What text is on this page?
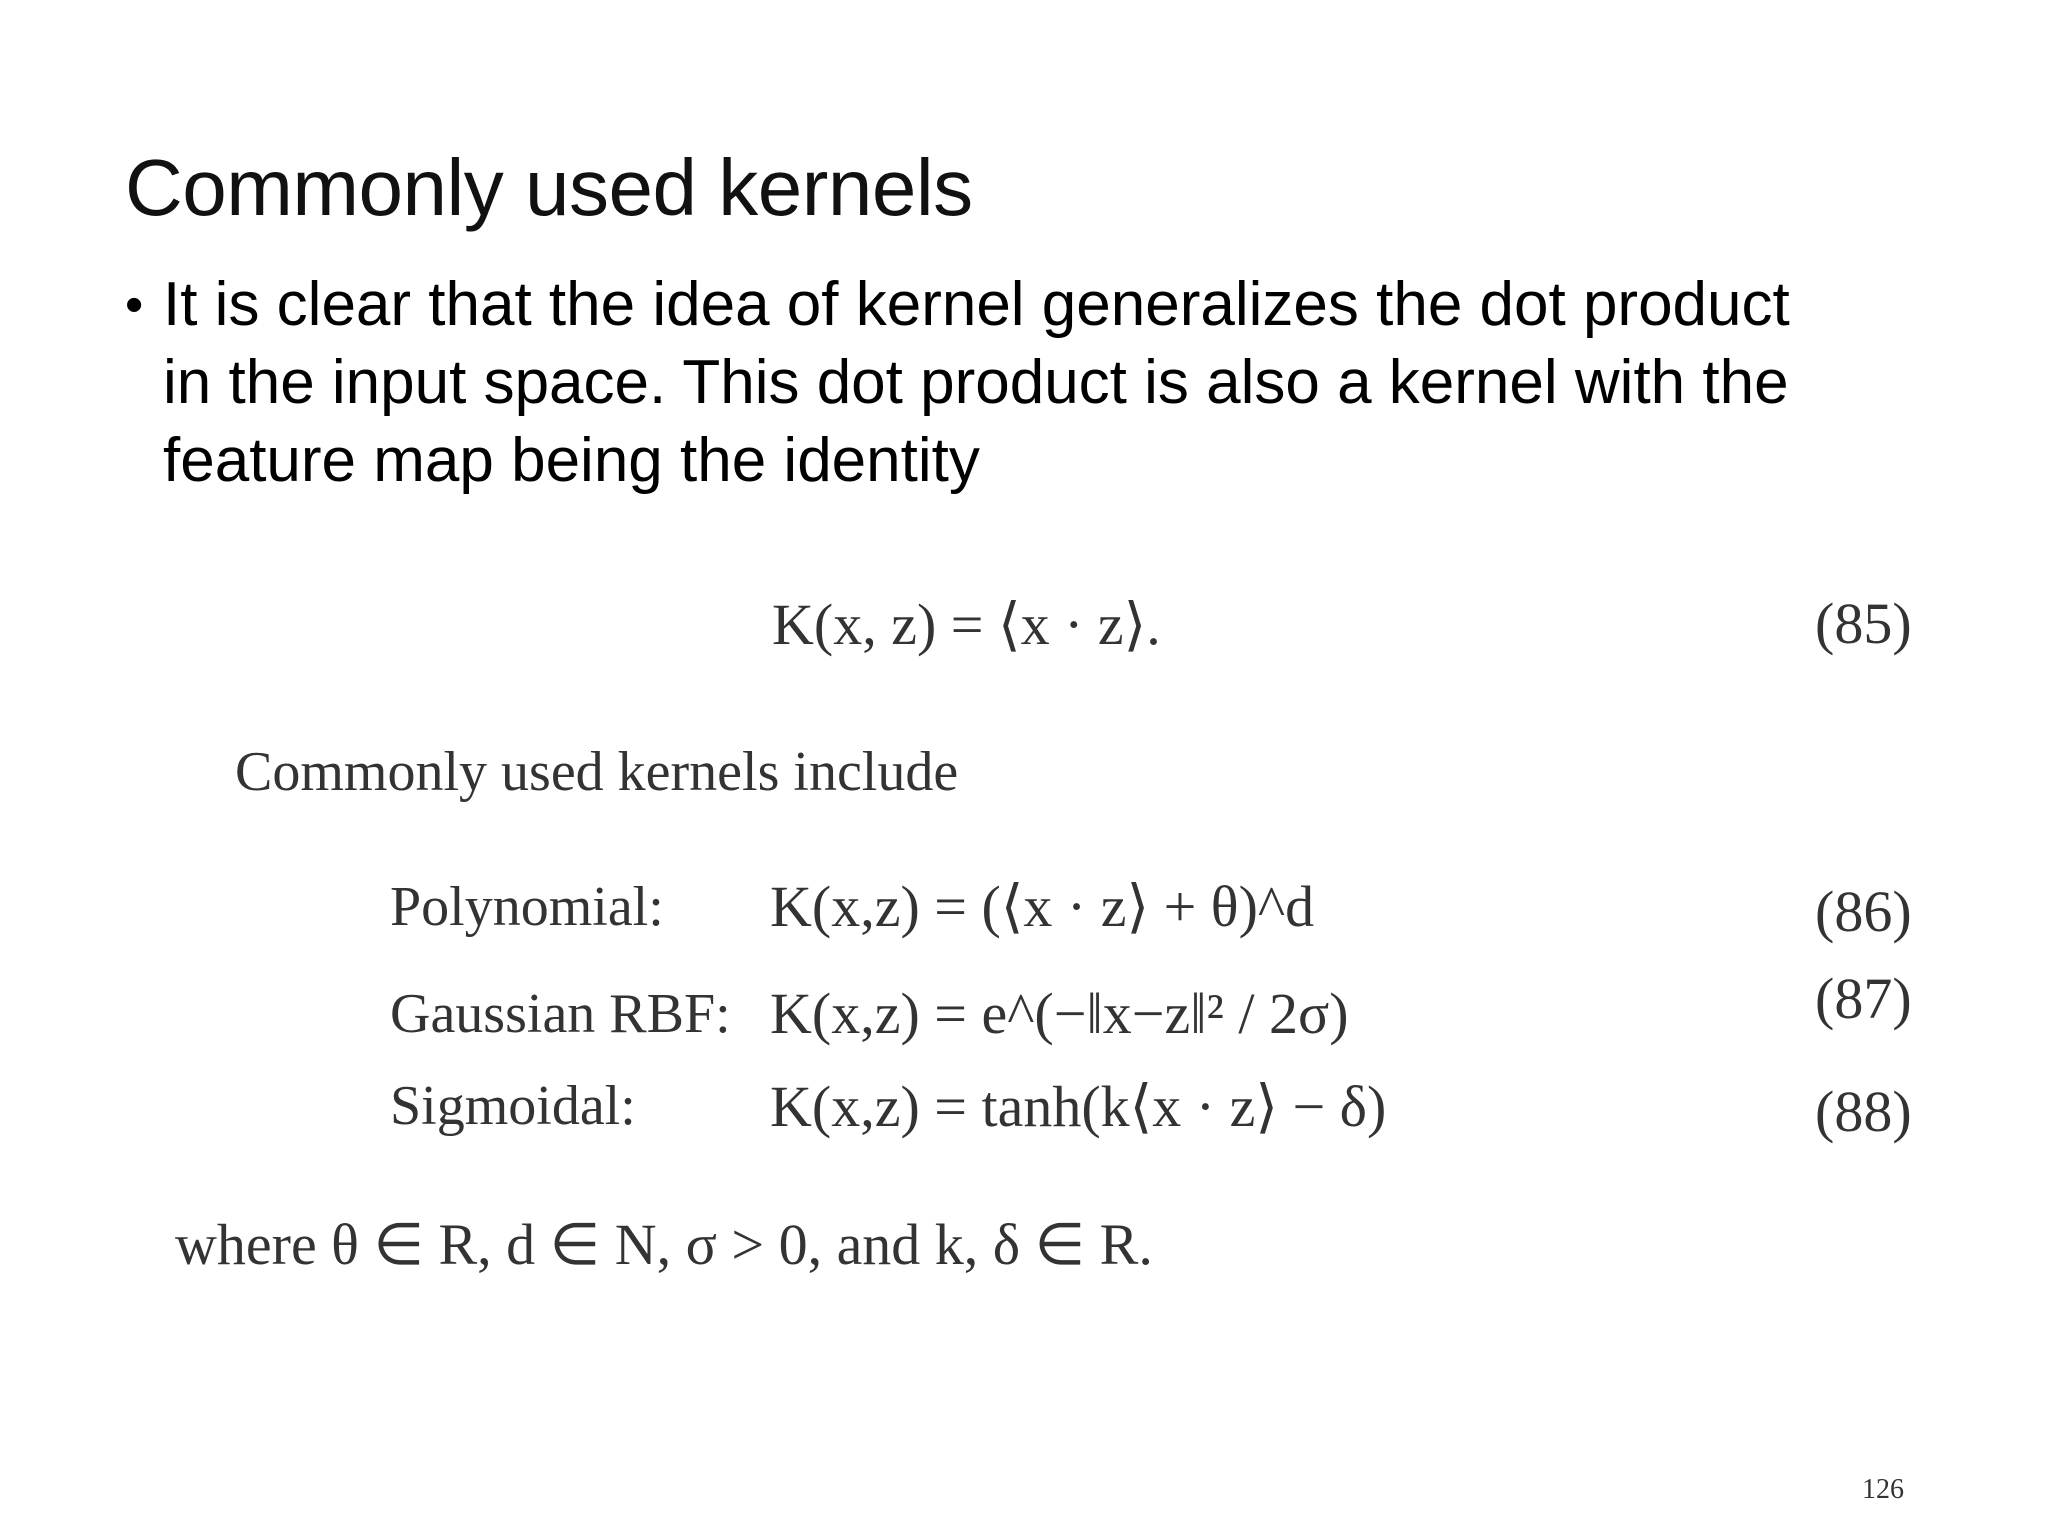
Commonly used kernels
• It is clear that the idea of kernel generalizes the dot product in the input space. This dot product is also a kernel with the feature map being the identity
K(x, z) = ⟨x · z⟩.	(85)
Commonly used kernels include
Polynomial: K(x,z) = (⟨x · z⟩ + θ)^d	(86)
Gaussian RBF: K(x,z) = e^(−‖x−z‖² / 2σ)	(87)
Sigmoidal: K(x,z) = tanh(k⟨x · z⟩ − δ)	(88)
where θ ∈ R, d ∈ N, σ > 0, and k, δ ∈ R.
126
